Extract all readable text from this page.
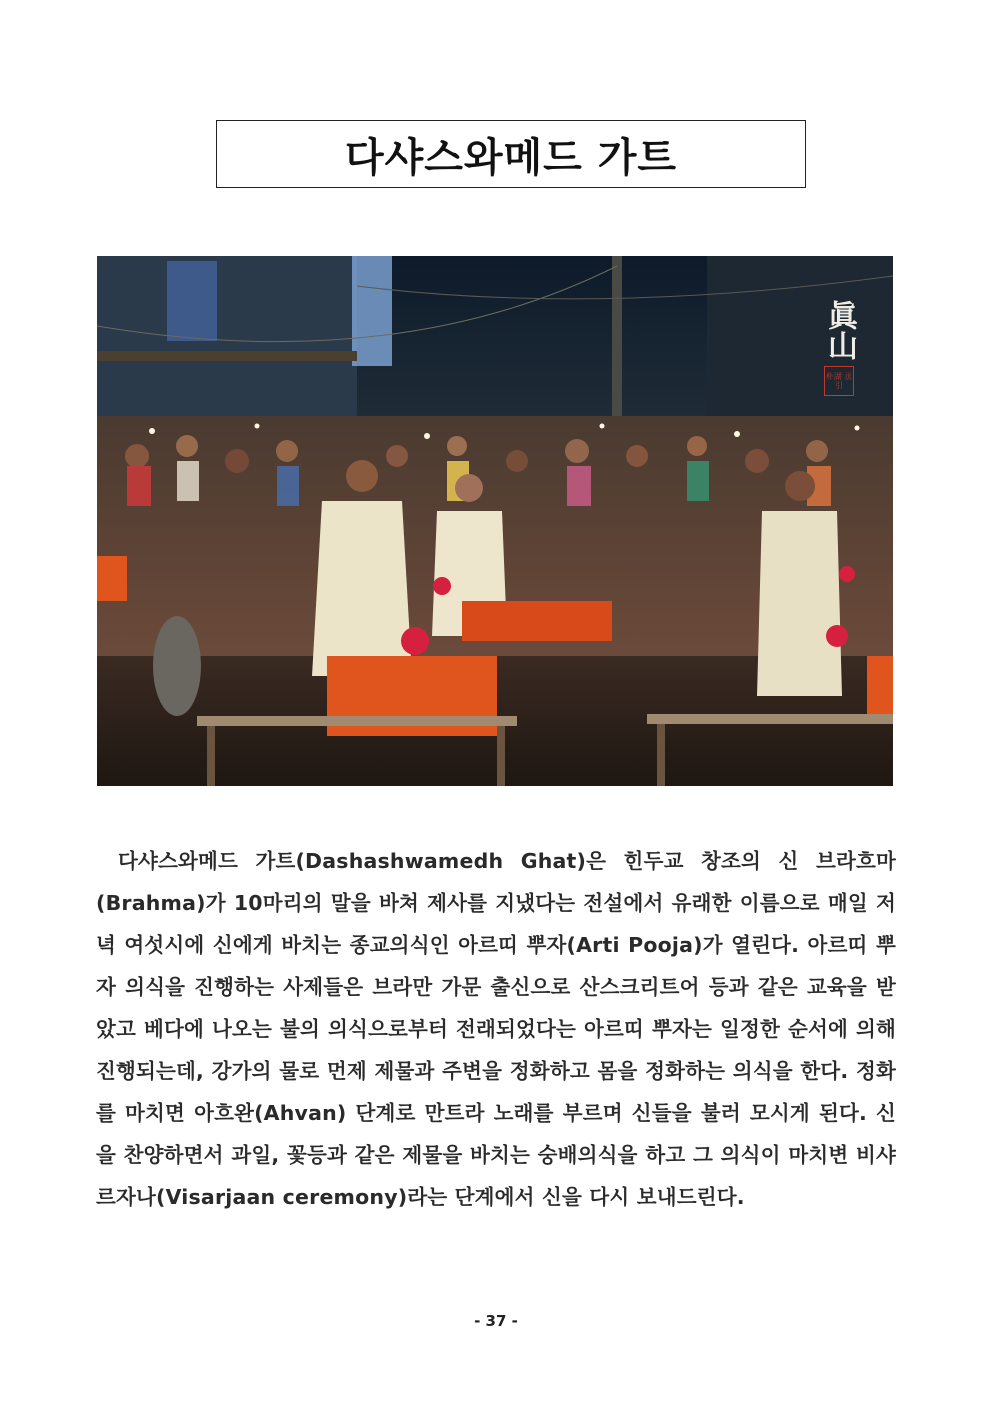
다샤스와메드 가트
眞山
朴湖 丞引

다샤스와메드 가트(Dashashwamedh Ghat)은 힌두교 창조의 신 브라흐마(Brahma)가 10마리의 말을 바쳐 제사를 지냈다는 전설에서 유래한 이름으로 매일 저녁 여섯시에 신에게 바치는 종교의식인 아르띠 뿌자(Arti Pooja)가 열린다. 아르띠 뿌자 의식을 진행하는 사제들은 브라만 가문 출신으로 산스크리트어 등과 같은 교육을 받았고 베다에 나오는 불의 의식으로부터 전래되었다는 아르띠 뿌자는 일정한 순서에 의해 진행되는데, 강가의 물로 먼제 제물과 주변을 정화하고 몸을 정화하는 의식을 한다. 정화를 마치면 아흐완(Ahvan) 단계로 만트라 노래를 부르며 신들을 불러 모시게 된다. 신을 찬양하면서 과일, 꽃등과 같은 제물을 바치는 숭배의식을 하고 그 의식이 마치변 비샤르자나(Visarjaan ceremony)라는 단계에서 신을 다시 보내드린다.

- 37 -
